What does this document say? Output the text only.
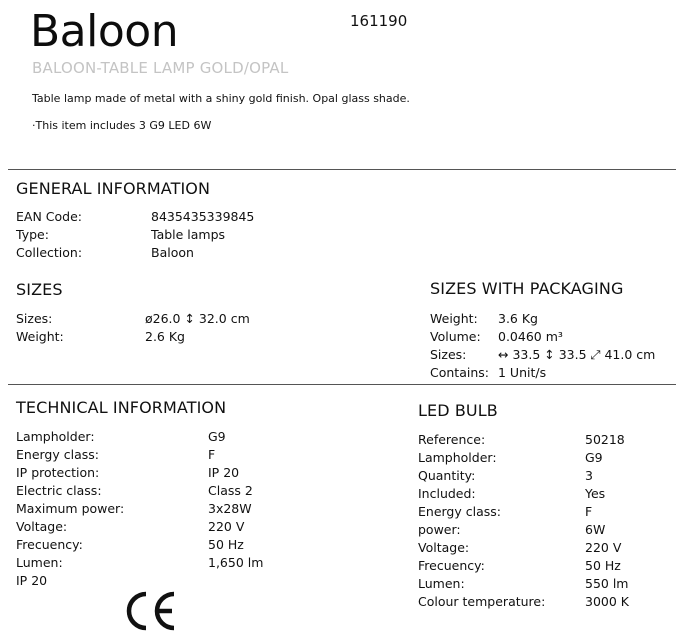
Baloon	161190
BALOON-TABLE LAMP GOLD/OPAL
Table lamp made of metal with a shiny gold finish. Opal glass shade.
·This item includes 3 G9 LED 6W
GENERAL INFORMATION
EAN Code:	8435435339845
Type:	Table lamps
Collection:	Baloon
SIZES
Sizes:	ø26.0 ↕ 32.0 cm
Weight:	2.6 Kg
SIZES WITH PACKAGING
Weight:	3.6 Kg
Volume:	0.0460 m³
Sizes:	↔ 33.5 ↕ 33.5 ⤢ 41.0 cm
Contains: 1 Unit/s
TECHNICAL INFORMATION
Lampholder:	G9
Energy class:	F
IP protection:	IP 20
Electric class:	Class 2
Maximum power:	3x28W
Voltage:	220 V
Frecuency:	50 Hz
Lumen:	1,650 lm
IP 20
LED BULB
Reference:	50218
Lampholder:	G9
Quantity:	3
Included:	Yes
Energy class:	F
power:	6W
Voltage:	220 V
Frecuency:	50 Hz
Lumen:	550 lm
Colour temperature:	3000 K
